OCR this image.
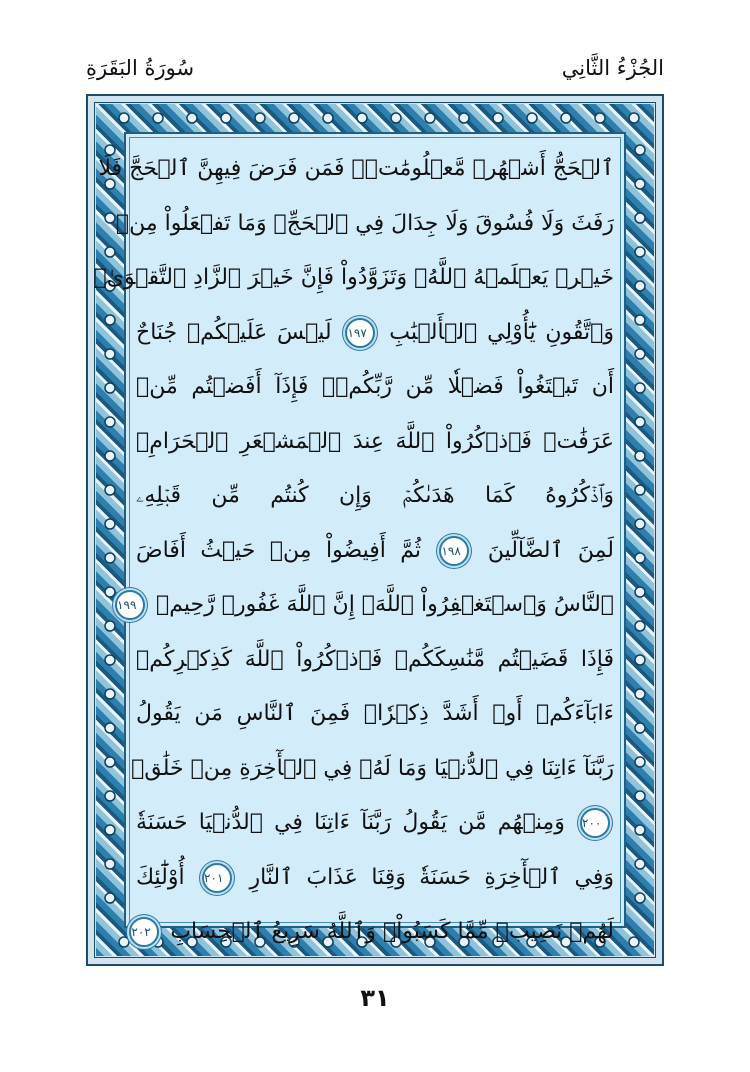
الجُزْءُ الثَّانِي
سُورَةُ البَقَرَةِ
ٱلۡحَجُّ أَشۡهُرٞ مَّعۡلُومَٰتٞۚ فَمَن فَرَضَ فِيهِنَّ ٱلۡحَجَّ فَلَا
رَفَثَ وَلَا فُسُوقَ وَلَا جِدَالَ فِي ٱلۡحَجِّۗ وَمَا تَفۡعَلُواْ مِنۡ
خَيۡرٖ يَعۡلَمۡهُ ٱللَّهُۗ وَتَزَوَّدُواْ فَإِنَّ خَيۡرَ ٱلزَّادِ ٱلتَّقۡوَىٰۖ
وَٱتَّقُونِ يَٰٓأُوْلِي ٱلۡأَلۡبَٰبِ ١٩٧ لَيۡسَ عَلَيۡكُمۡ جُنَاحٌ
أَن تَبۡتَغُواْ فَضۡلٗا مِّن رَّبِّكُمۡۚ فَإِذَآ أَفَضۡتُم مِّنۡ
عَرَفَٰتٖ فَٱذۡكُرُواْ ٱللَّهَ عِندَ ٱلۡمَشۡعَرِ ٱلۡحَرَامِۖ
وَٱذۡكُرُوهُ كَمَا هَدَىٰكُمۡ وَإِن كُنتُم مِّن قَبۡلِهِۦ
لَمِنَ ٱلضَّآلِّينَ ١٩٨ ثُمَّ أَفِيضُواْ مِنۡ حَيۡثُ أَفَاضَ
ٱلنَّاسُ وَٱسۡتَغۡفِرُواْ ٱللَّهَۚ إِنَّ ٱللَّهَ غَفُورٞ رَّحِيمٞ ١٩٩
فَإِذَا قَضَيۡتُم مَّنَٰسِكَكُمۡ فَٱذۡكُرُواْ ٱللَّهَ كَذِكۡرِكُمۡ
ءَابَآءَكُمۡ أَوۡ أَشَدَّ ذِكۡرٗاۗ فَمِنَ ٱلنَّاسِ مَن يَقُولُ
رَبَّنَآ ءَاتِنَا فِي ٱلدُّنۡيَا وَمَا لَهُۥ فِي ٱلۡأٓخِرَةِ مِنۡ خَلَٰقٖ
٢٠٠ وَمِنۡهُم مَّن يَقُولُ رَبَّنَآ ءَاتِنَا فِي ٱلدُّنۡيَا حَسَنَةٗ
وَفِي ٱلۡأٓخِرَةِ حَسَنَةٗ وَقِنَا عَذَابَ ٱلنَّارِ ٢٠١ أُوْلَٰٓئِكَ
لَهُمۡ نَصِيبٞ مِّمَّا كَسَبُواْۚ وَٱللَّهُ سَرِيعُ ٱلۡحِسَابِ ٢٠٢
٣١
